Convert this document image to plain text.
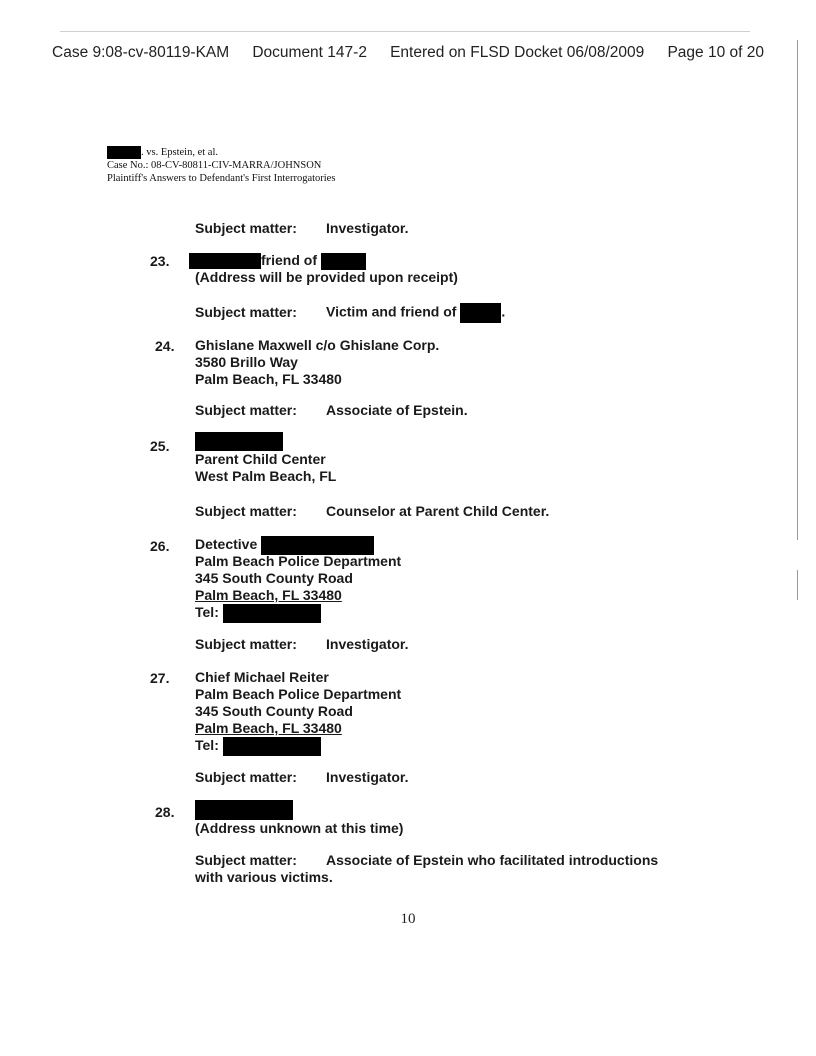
Case 9:08-cv-80119-KAM Document 147-2 Entered on FLSD Docket 06/08/2009 Page 10 of 20
. vs. Epstein, et al.
Case No.: 08-CV-80811-CIV-MARRA/JOHNSON
Plaintiff's Answers to Defendant's First Interrogatories
Subject matter: Investigator.
23.	friend of
(Address will be provided upon receipt)
Subject matter: Victim and friend of	.
24. Ghislane Maxwell c/o Ghislane Corp.
3580 Brillo Way
Palm Beach, FL 33480
Subject matter: Associate of Epstein.
25.
Parent Child Center
West Palm Beach, FL
Subject matter: Counselor at Parent Child Center.
26. Detective
Palm Beach Police Department
345 South County Road
Palm Beach, FL 33480
Tel:
Subject matter: Investigator.
27. Chief Michael Reiter
Palm Beach Police Department
345 South County Road
Palm Beach, FL 33480
Tel:
Subject matter: Investigator.
28.
(Address unknown at this time)
Subject matter: Associate of Epstein who facilitated introductions
with various victims.
10
